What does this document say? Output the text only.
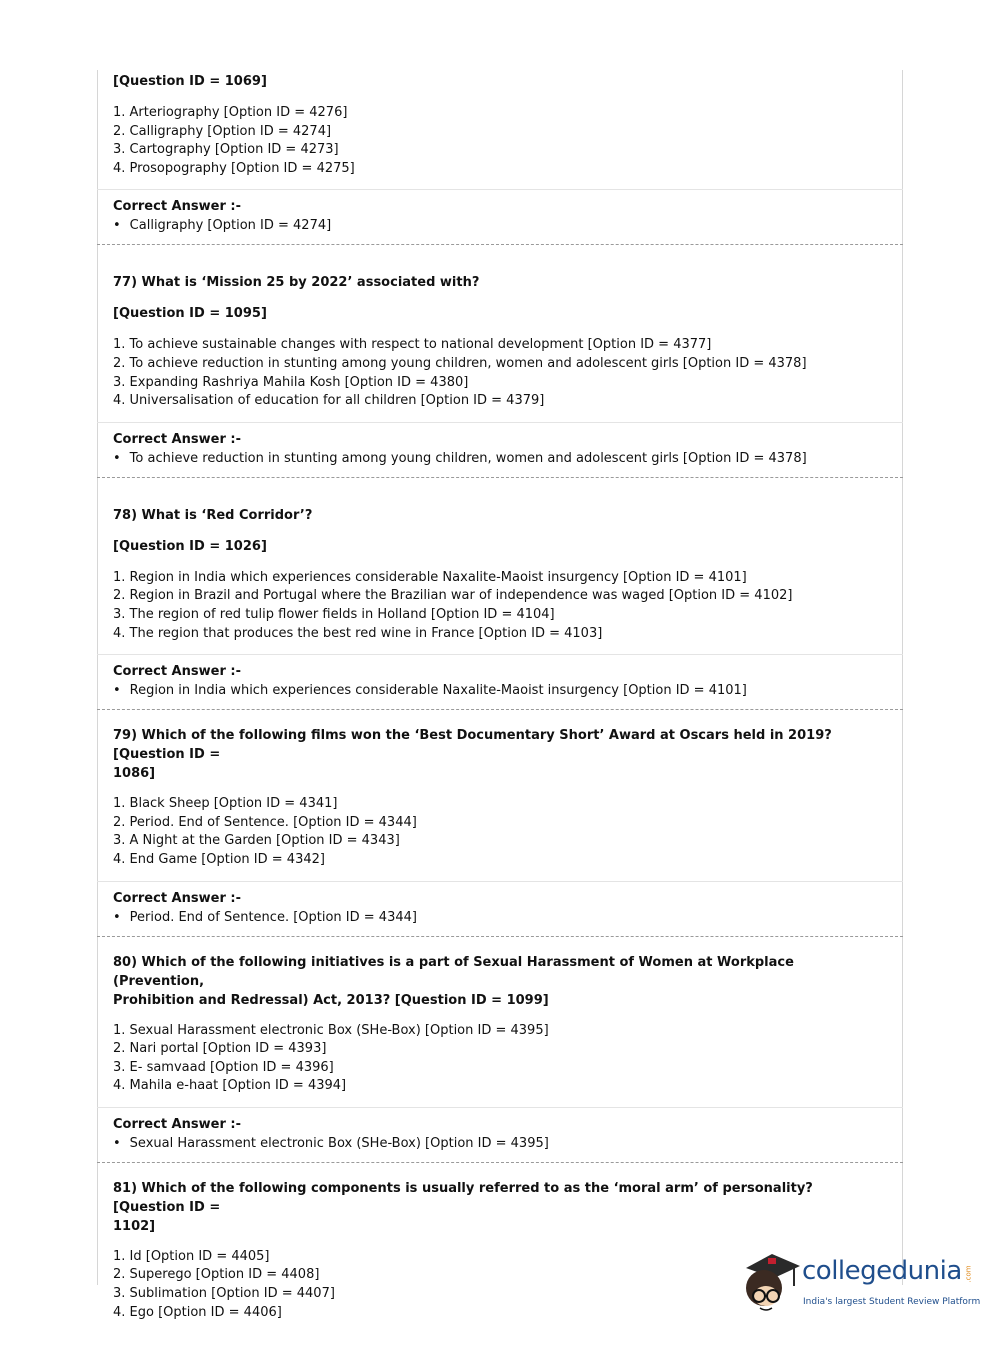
[Question ID = 1069]

1. Arteriography [Option ID = 4276]
2. Calligraphy [Option ID = 4274]
3. Cartography [Option ID = 4273]
4. Prosopography [Option ID = 4275]

Correct Answer :-

• Calligraphy [Option ID = 4274]

77) What is ‘Mission 25 by 2022’ associated with?

[Question ID = 1095]

1. To achieve sustainable changes with respect to national development [Option ID = 4377]
2. To achieve reduction in stunting among young children, women and adolescent girls [Option ID = 4378]
3. Expanding Rashriya Mahila Kosh [Option ID = 4380]
4. Universalisation of education for all children [Option ID = 4379]

Correct Answer :-

• To achieve reduction in stunting among young children, women and adolescent girls [Option ID = 4378]

78) What is ‘Red Corridor’?

[Question ID = 1026]

1. Region in India which experiences considerable Naxalite-Maoist insurgency [Option ID = 4101]
2. Region in Brazil and Portugal where the Brazilian war of independence was waged [Option ID = 4102]
3. The region of red tulip flower fields in Holland [Option ID = 4104]
4. The region that produces the best red wine in France [Option ID = 4103]

Correct Answer :-

• Region in India which experiences considerable Naxalite-Maoist insurgency [Option ID = 4101]

79) Which of the following films won the ‘Best Documentary Short’ Award at Oscars held in 2019? [Question ID =

1086]

1. Black Sheep [Option ID = 4341]
2. Period. End of Sentence. [Option ID = 4344]
3. A Night at the Garden [Option ID = 4343]
4. End Game [Option ID = 4342]

Correct Answer :-

• Period. End of Sentence. [Option ID = 4344]

80) Which of the following initiatives is a part of Sexual Harassment of Women at Workplace (Prevention,

Prohibition and Redressal) Act, 2013? [Question ID = 1099]

1. Sexual Harassment electronic Box (SHe-Box) [Option ID = 4395]
2. Nari portal [Option ID = 4393]
3. E- samvaad [Option ID = 4396]
4. Mahila e-haat [Option ID = 4394]

Correct Answer :-

• Sexual Harassment electronic Box (SHe-Box) [Option ID = 4395]

81) Which of the following components is usually referred to as the ‘moral arm’ of personality? [Question ID =

1102]

1. Id [Option ID = 4405]
2. Superego [Option ID = 4408]
3. Sublimation [Option ID = 4407]
4. Ego [Option ID = 4406]
collegedunia .com
India's largest Student Review Platform
